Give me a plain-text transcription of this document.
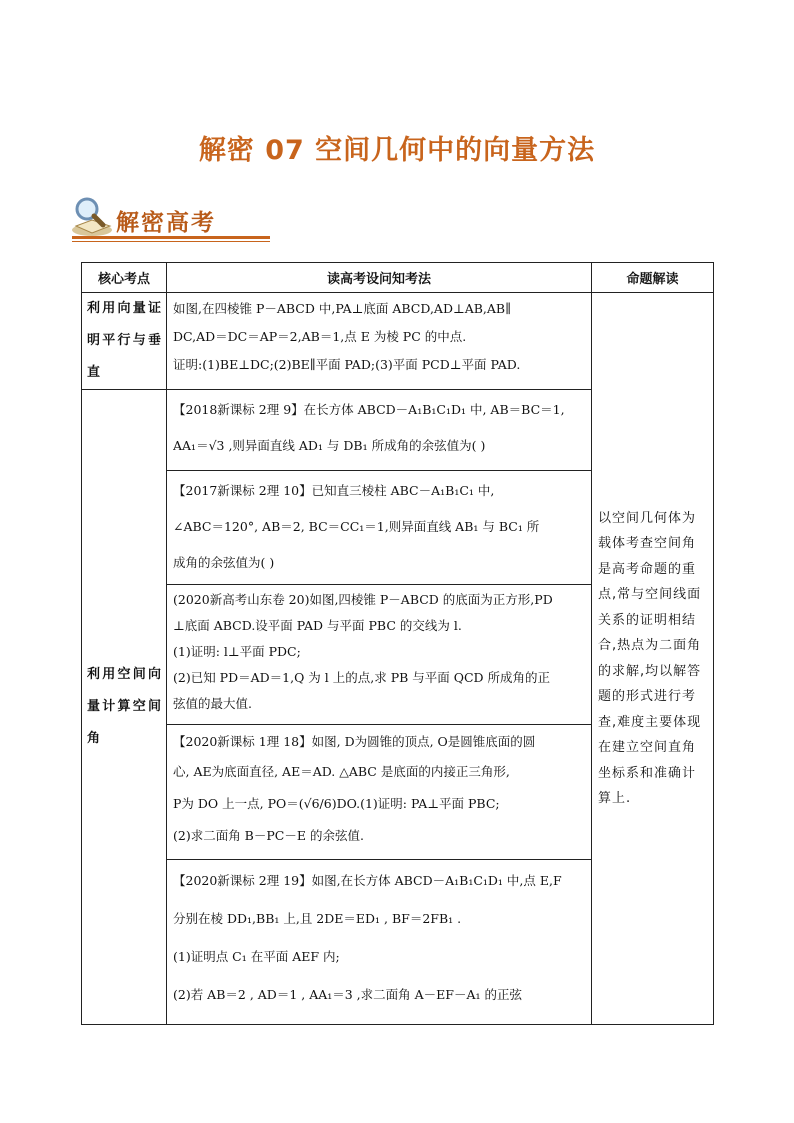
解密 07 空间几何中的向量方法
解密高考
核心考点	读高考设问知考法	命题解读
利用向量证明平行与垂直	如图,在四棱锥 P－ABCD 中,PA⊥底面 ABCD,AD⊥AB,AB∥
DC,AD＝DC＝AP＝2,AB＝1,点 E 为棱 PC 的中点.
证明:(1)BE⊥DC;(2)BE∥平面 PAD;(3)平面 PCD⊥平面 PAD.	以空间几何体为载体考查空间角是高考命题的重点,常与空间线面关系的证明相结合,热点为二面角的求解,均以解答题的形式进行考查,难度主要体现在建立空间直角坐标系和准确计算上.
利用空间向量计算空间角	【2018新课标 2理 9】在长方体 ABCD－A₁B₁C₁D₁ 中, AB＝BC＝1,
AA₁＝√3 ,则异面直线 AD₁ 与 DB₁ 所成角的余弦值为( )	

	【2017新课标 2理 10】已知直三棱柱 ABC－A₁B₁C₁ 中,
∠ABC＝120°, AB＝2, BC＝CC₁＝1,则异面直线 AB₁ 与 BC₁ 所
成角的余弦值为( )	

	(2020新高考山东卷 20)如图,四棱锥 P－ABCD 的底面为正方形,PD
⊥底面 ABCD.设平面 PAD 与平面 PBC 的交线为 l.
(1)证明: l⊥平面 PDC;
(2)已知 PD＝AD＝1,Q 为 l 上的点,求 PB 与平面 QCD 所成角的正
弦值的最大值.	

	【2020新课标 1理 18】如图, D为圆锥的顶点, O是圆锥底面的圆
心, AE为底面直径, AE＝AD. △ABC 是底面的内接正三角形,
P为 DO 上一点, PO＝(√6/6)DO.(1)证明: PA⊥平面 PBC;
(2)求二面角 B－PC－E 的余弦值.	

	【2020新课标 2理 19】如图,在长方体 ABCD－A₁B₁C₁D₁ 中,点 E,F
分别在棱 DD₁,BB₁ 上,且 2DE＝ED₁ , BF＝2FB₁ .
(1)证明点 C₁ 在平面 AEF 内;
(2)若 AB＝2 , AD＝1 , AA₁＝3 ,求二面角 A－EF－A₁ 的正弦	
